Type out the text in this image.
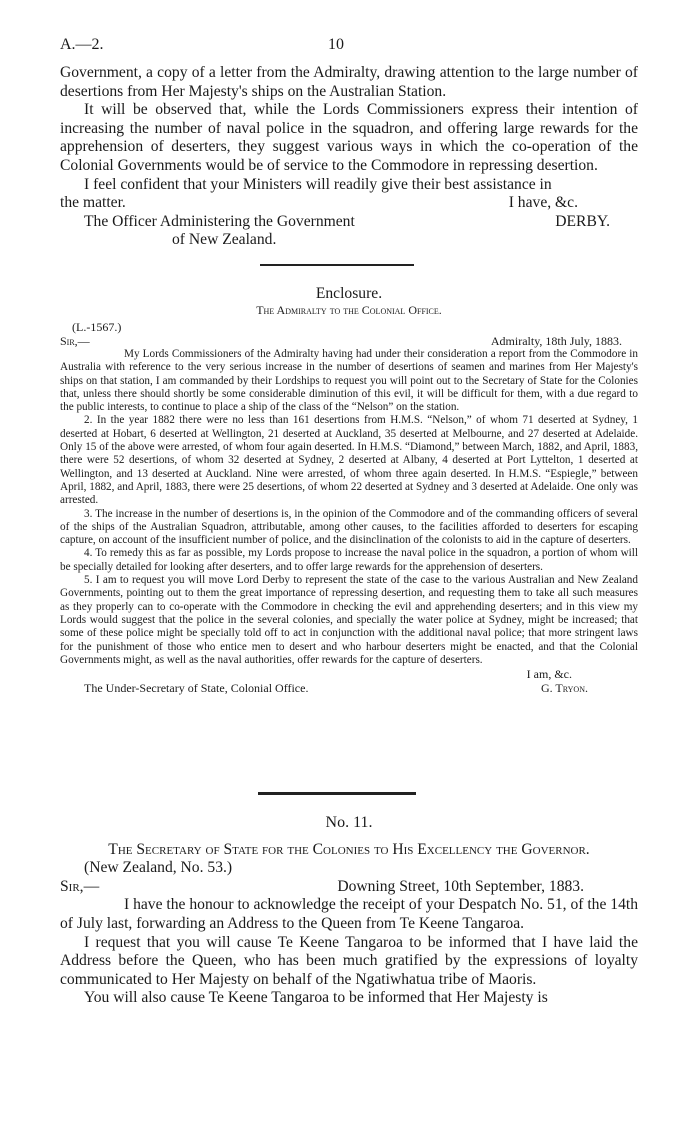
A.—2.	10

Government, a copy of a letter from the Admiralty, drawing attention to the large number of desertions from Her Majesty's ships on the Australian Station.

It will be observed that, while the Lords Commissioners express their intention of increasing the number of naval police in the squadron, and offering large rewards for the apprehension of deserters, they suggest various ways in which the co-operation of the Colonial Governments would be of service to the Commodore in repressing desertion.

I feel confident that your Ministers will readily give their best assistance in

the matter.	I have, &c.
The Officer Administering the Government	DERBY.
of New Zealand.
Enclosure.
The Admiralty to the Colonial Office.
(L.-1567.)
Sir,—	Admiralty, 18th July, 1883.

My Lords Commissioners of the Admiralty having had under their consideration a report from the Commodore in Australia with reference to the very serious increase in the number of desertions of seamen and marines from Her Majesty's ships on that station, I am commanded by their Lordships to request you will point out to the Secretary of State for the Colonies that, unless there should shortly be some considerable diminution of this evil, it will be difficult for them, with a due regard to the public interests, to continue to place a ship of the class of the “Nelson” on the station.

2. In the year 1882 there were no less than 161 desertions from H.M.S. “Nelson,” of whom 71 deserted at Sydney, 1 deserted at Hobart, 6 deserted at Wellington, 21 deserted at Auckland, 35 deserted at Melbourne, and 27 deserted at Adelaide. Only 15 of the above were arrested, of whom four again deserted. In H.M.S. “Diamond,” between March, 1882, and April, 1883, there were 52 desertions, of whom 32 deserted at Sydney, 2 deserted at Albany, 4 deserted at Port Lyttelton, 1 deserted at Wellington, and 13 deserted at Auckland. Nine were arrested, of whom three again deserted. In H.M.S. “Espiegle,” between April, 1882, and April, 1883, there were 25 desertions, of whom 22 deserted at Sydney and 3 deserted at Adelaide. One only was arrested.

3. The increase in the number of desertions is, in the opinion of the Commodore and of the commanding officers of several of the ships of the Australian Squadron, attributable, among other causes, to the facilities afforded to deserters for escaping capture, on account of the insufficient number of police, and the disinclination of the colonists to aid in the capture of deserters.

4. To remedy this as far as possible, my Lords propose to increase the naval police in the squadron, a portion of whom will be specially detailed for looking after deserters, and to offer large rewards for the apprehension of deserters.

5. I am to request you will move Lord Derby to represent the state of the case to the various Australian and New Zealand Governments, pointing out to them the great importance of repressing desertion, and requesting them to take all such measures as they properly can to co-operate with the Commodore in checking the evil and apprehending deserters; and in this view my Lords would suggest that the police in the several colonies, and specially the water police at Sydney, might be increased; that some of these police might be specially told off to act in conjunction with the additional naval police; that more stringent laws for the punishment of those who entice men to desert and who harbour deserters might be enacted, and that the Colonial Governments might, as well as the naval authorities, offer rewards for the capture of deserters.

I am, &c.
The Under-Secretary of State, Colonial Office.	G. Tryon.
No. 11.
The Secretary of State for the Colonies to His Excellency the Governor.
(New Zealand, No. 53.)
Sir,—	Downing Street, 10th September, 1883.

I have the honour to acknowledge the receipt of your Despatch No. 51, of the 14th of July last, forwarding an Address to the Queen from Te Keene Tangaroa.

I request that you will cause Te Keene Tangaroa to be informed that I have laid the Address before the Queen, who has been much gratified by the expressions of loyalty communicated to Her Majesty on behalf of the Ngatiwhatua tribe of Maoris.

You will also cause Te Keene Tangaroa to be informed that Her Majesty is
